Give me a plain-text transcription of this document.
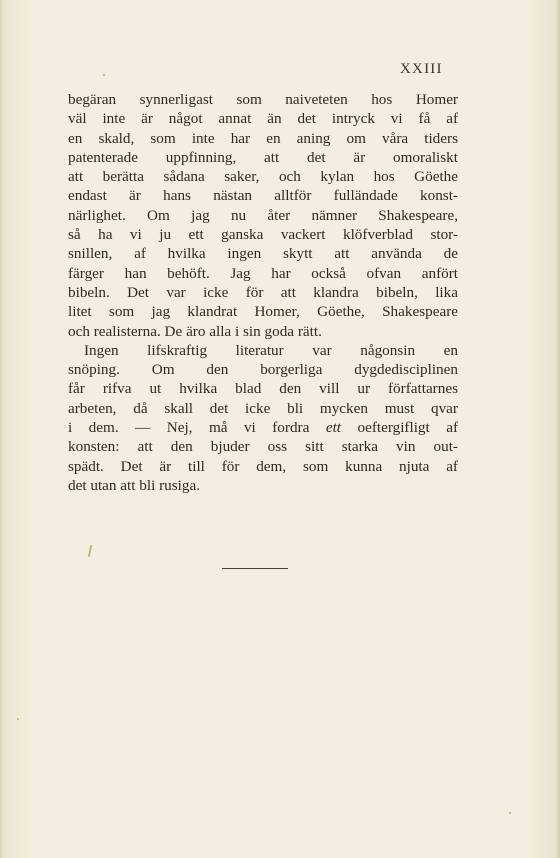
XXIII
begäran synnerligast som naiveteten hos Homer
väl inte är något annat än det intryck vi få af
en skald, som inte har en aning om våra tiders
patenterade uppfinning, att det är omoraliskt
att berätta sådana saker, och kylan hos Göethe
endast är hans nästan alltför fulländade konst-
närlighet. Om jag nu åter nämner Shakespeare,
så ha vi ju ett ganska vackert klöfverblad stor-
snillen, af hvilka ingen skytt att använda de
färger han behöft. Jag har också ofvan anfört
bibeln. Det var icke för att klandra bibeln, lika
litet som jag klandrat Homer, Göethe, Shakespeare
och realisterna. De äro alla i sin goda rätt.
Ingen lifskraftig literatur var någonsin en
snöping. Om den borgerliga dygdedisciplinen
får rifva ut hvilka blad den vill ur författarnes
arbeten, då skall det icke bli mycken must qvar
i dem. — Nej, må vi fordra ett oeftergifligt af
konsten: att den bjuder oss sitt starka vin out-
spädt. Det är till för dem, som kunna njuta af
det utan att bli rusiga.
